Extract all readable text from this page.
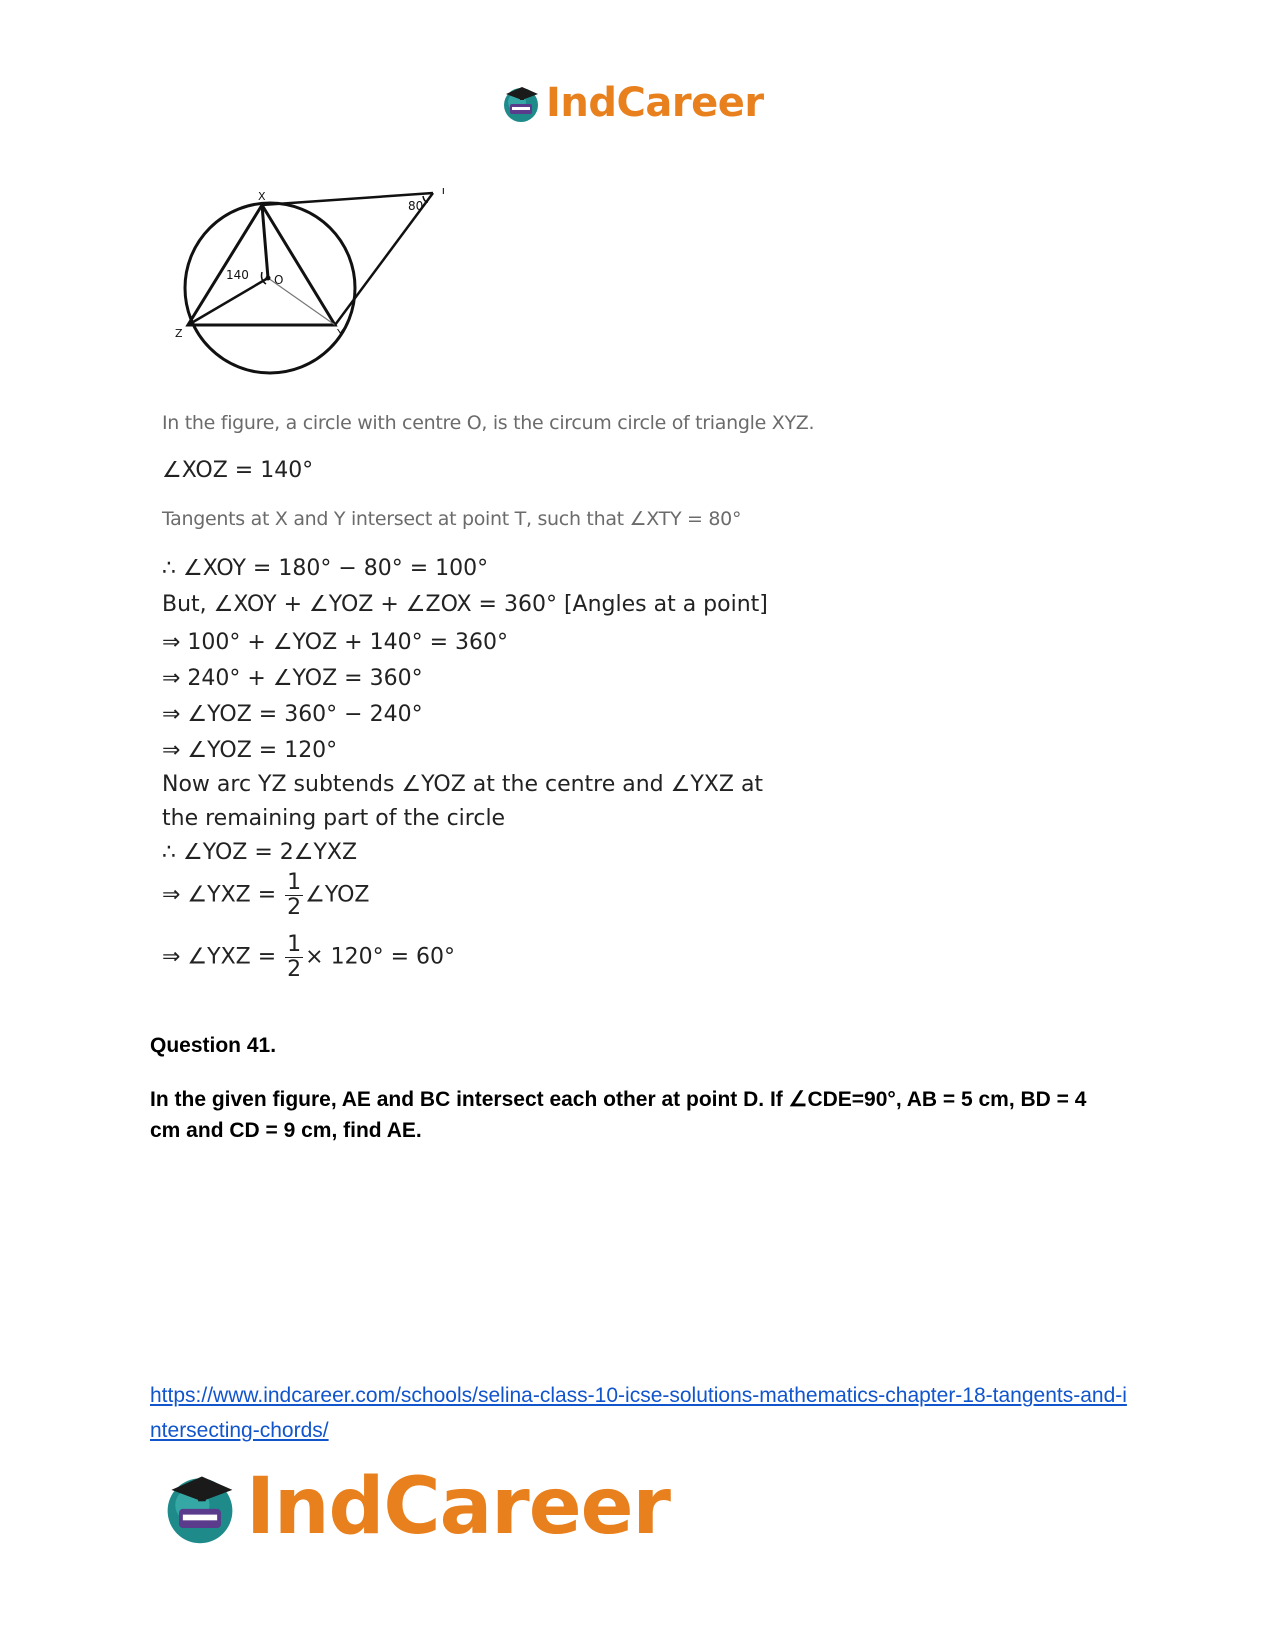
IndCareer
X	T
80
140 O
Z	Y
In the figure, a circle with centre O, is the circum circle of triangle XYZ.
∠XOZ = 140°
Tangents at X and Y intersect at point T, such that ∠XTY = 80°
∴ ∠XOY = 180° − 80° = 100°
But, ∠XOY + ∠YOZ + ∠ZOX = 360° [Angles at a point]
⇒ 100° + ∠YOZ + 140° = 360°
⇒ 240° + ∠YOZ = 360°
⇒ ∠YOZ = 360° − 240°
⇒ ∠YOZ = 120°
Now arc YZ subtends ∠YOZ at the centre and ∠YXZ at
the remaining part of the circle
∴ ∠YOZ = 2∠YXZ
⇒ ∠YXZ = $\frac{1}{2}$ ∠YOZ
⇒ ∠YXZ = $\frac{1}{2} \times 120^\circ = 60^\circ$
Question 41.
In the given figure, AE and BC intersect each other at point D. If ∠CDE=90°, AB = 5 cm, BD = 4 cm and CD = 9 cm, find AE.
https://www.indcareer.com/schools/selina-class-10-icse-solutions-mathematics-chapter-18-tangents-and-intersecting-chords/
IndCareer
